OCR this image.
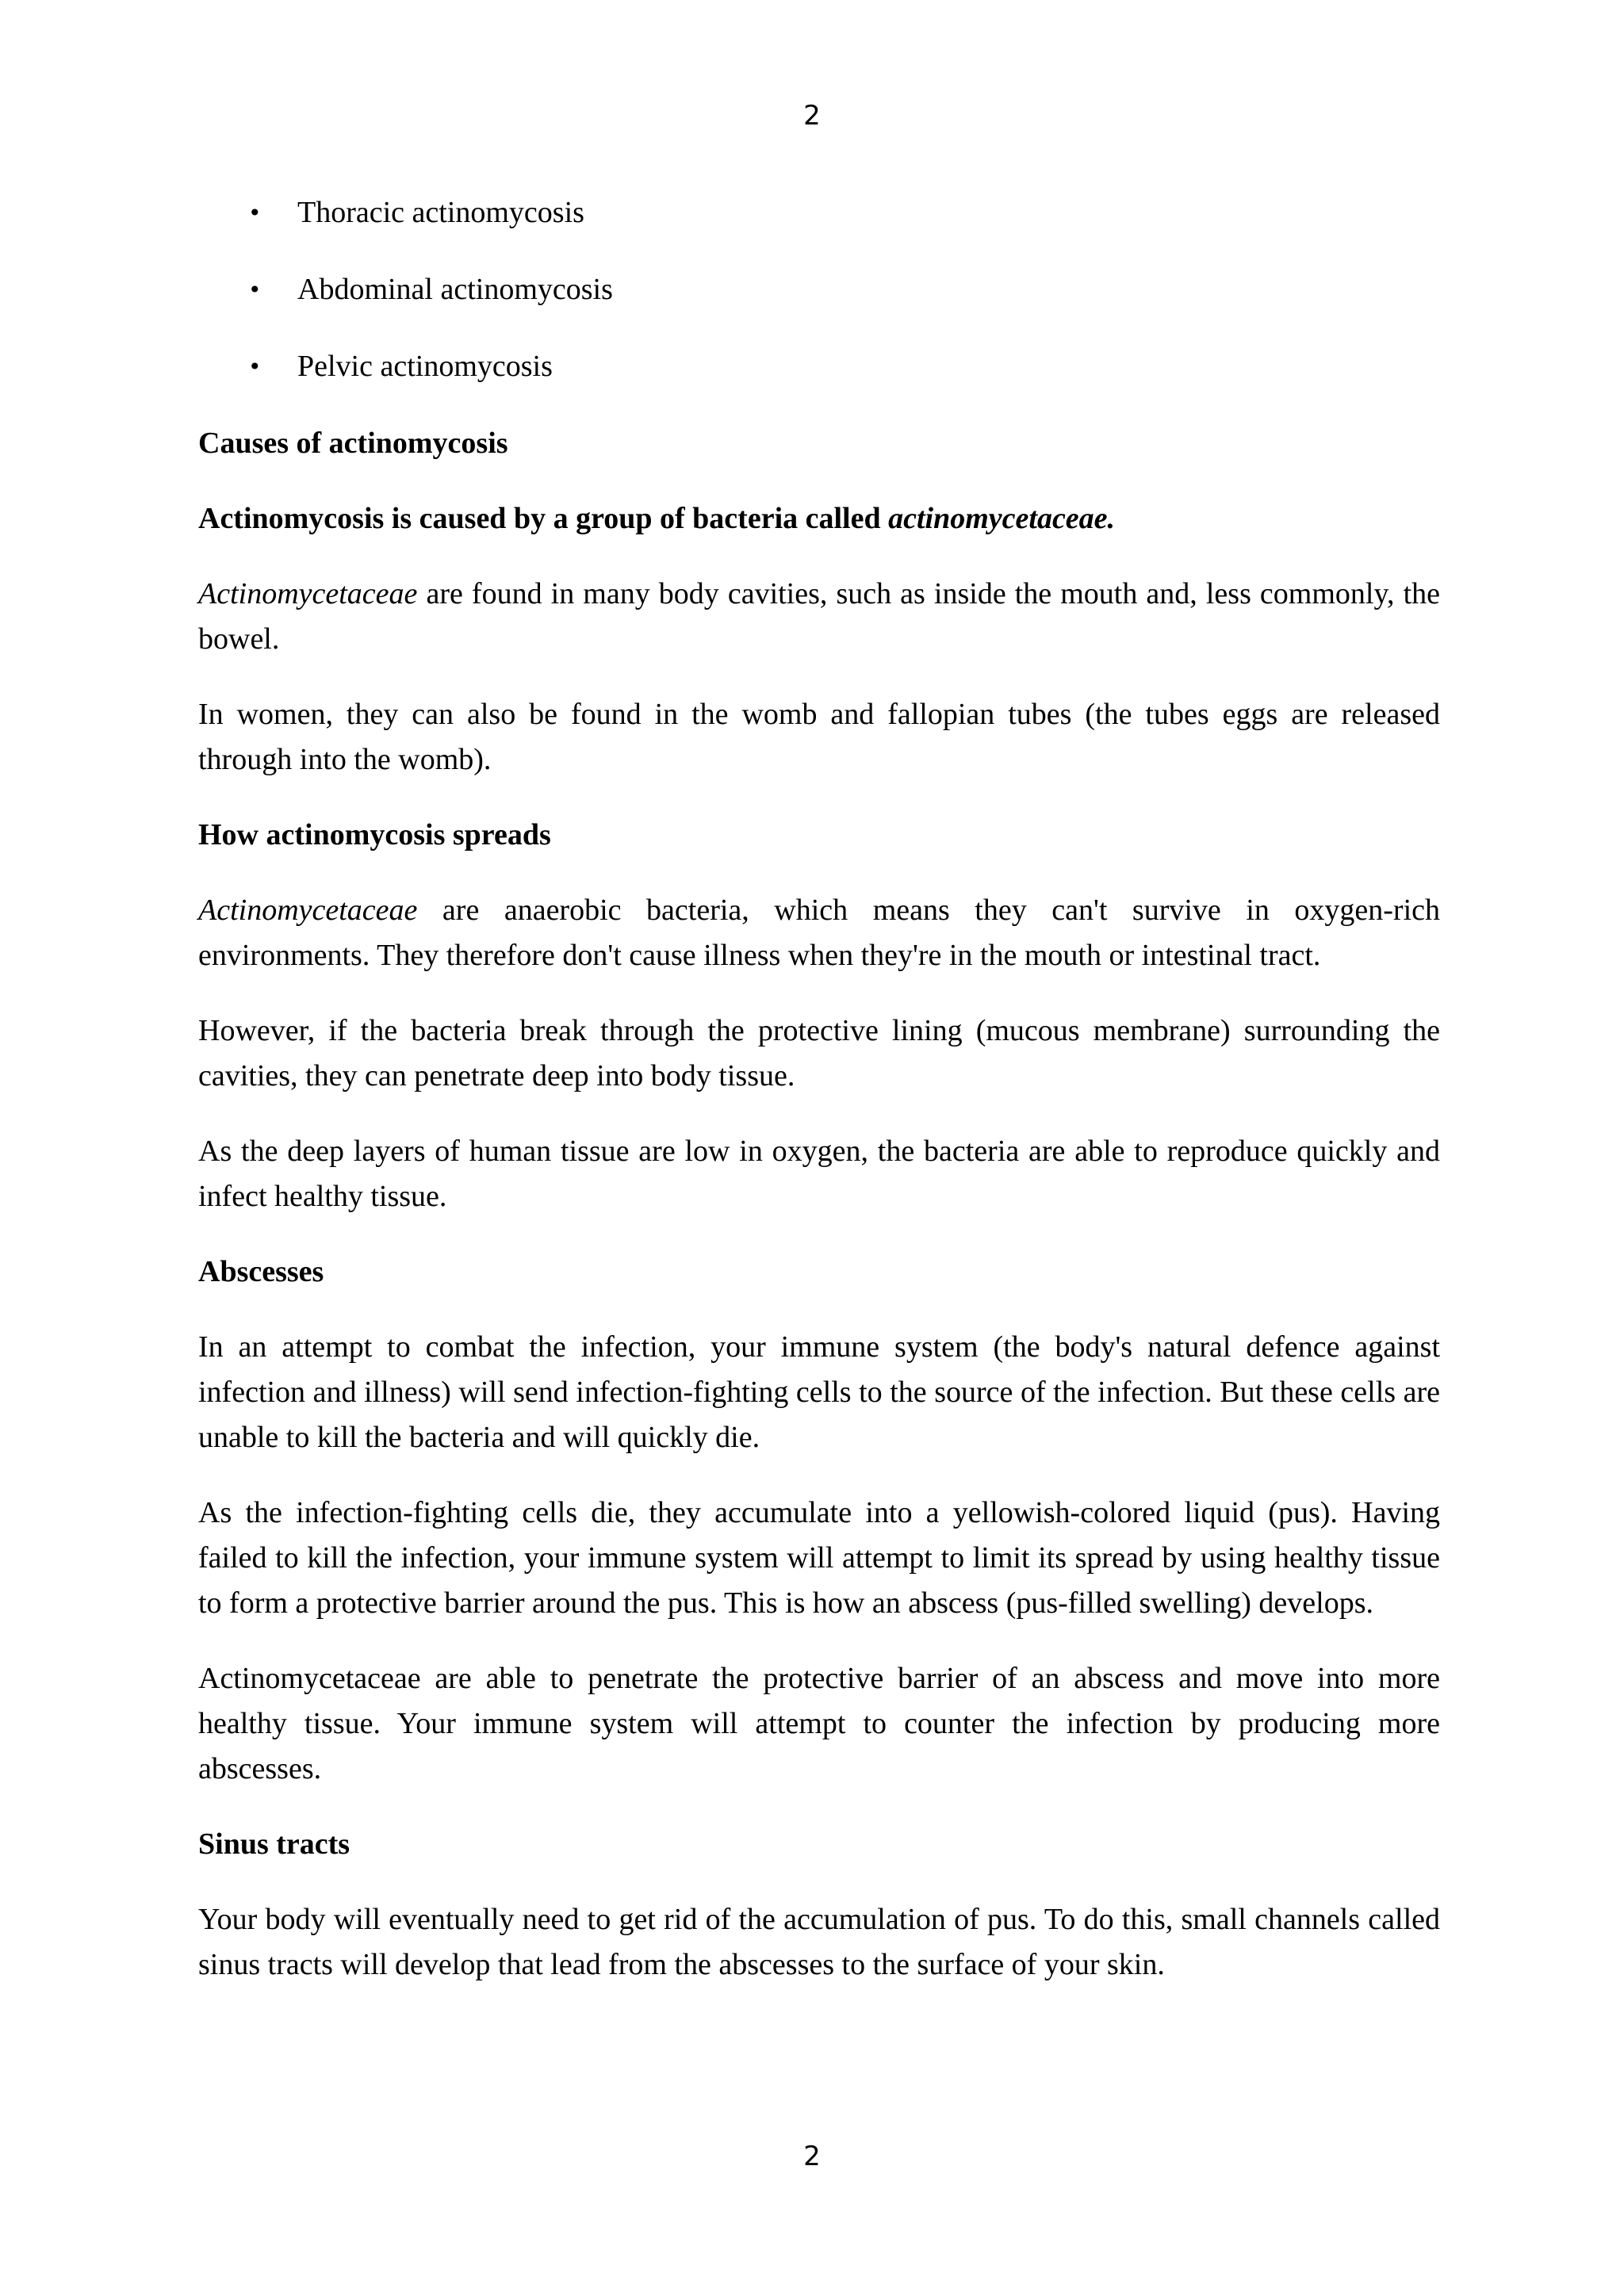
2
• Thoracic actinomycosis
• Abdominal actinomycosis
• Pelvic actinomycosis
Causes of actinomycosis
Actinomycosis is caused by a group of bacteria called actinomycetaceae.

Actinomycetaceae are found in many body cavities, such as inside the mouth and, less commonly, the bowel.

In women, they can also be found in the womb and fallopian tubes (the tubes eggs are released through into the womb).

How actinomycosis spreads

Actinomycetaceae are anaerobic bacteria, which means they can't survive in oxygen-rich environments. They therefore don't cause illness when they're in the mouth or intestinal tract.

However, if the bacteria break through the protective lining (mucous membrane) surrounding the cavities, they can penetrate deep into body tissue.

As the deep layers of human tissue are low in oxygen, the bacteria are able to reproduce quickly and infect healthy tissue.

Abscesses

In an attempt to combat the infection, your immune system (the body's natural defence against infection and illness) will send infection-fighting cells to the source of the infection. But these cells are unable to kill the bacteria and will quickly die.

As the infection-fighting cells die, they accumulate into a yellowish-colored liquid (pus). Having failed to kill the infection, your immune system will attempt to limit its spread by using healthy tissue to form a protective barrier around the pus. This is how an abscess (pus-filled swelling) develops.

Actinomycetaceae are able to penetrate the protective barrier of an abscess and move into more healthy tissue. Your immune system will attempt to counter the infection by producing more abscesses.

Sinus tracts

Your body will eventually need to get rid of the accumulation of pus. To do this, small channels called sinus tracts will develop that lead from the abscesses to the surface of your skin.

2
